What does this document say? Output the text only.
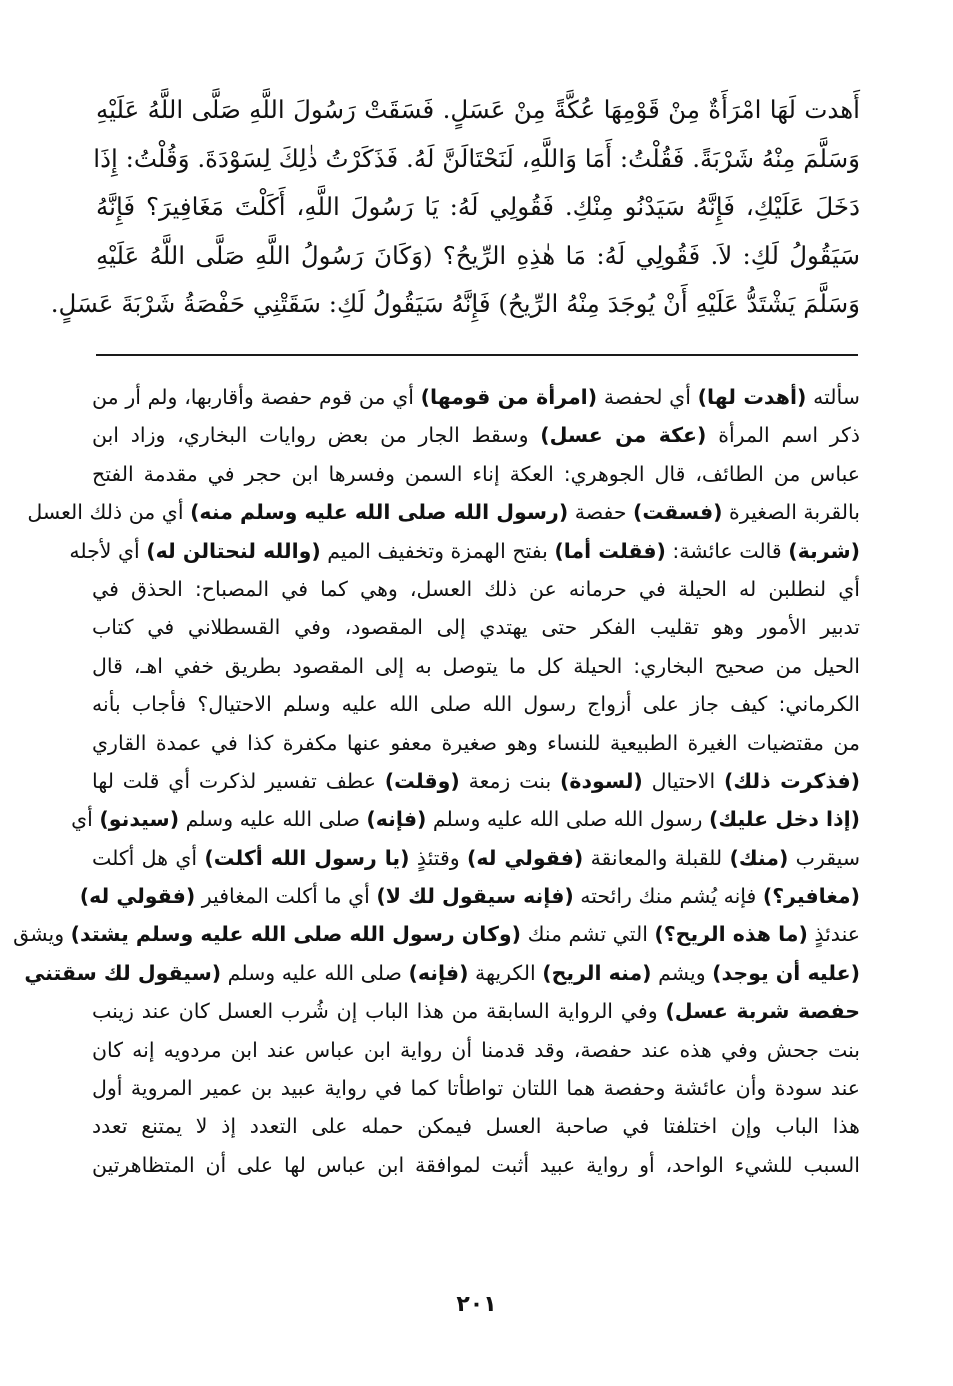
أَهدت لَهَا امْرَأَةٌ مِنْ قَوْمِهَا عُكَّةً مِنْ عَسَلٍ. فَسَقَتْ رَسُولَ اللَّهِ صَلَّى اللَّهُ عَلَيْهِ
وَسَلَّمَ مِنْهُ شَرْبَةً. فَقُلْتُ: أَمَا وَاللَّهِ، لَنَحْتَالَنَّ لَهُ. فَذَكَرْتُ ذٰلِكَ لِسَوْدَةَ. وَقُلْتُ: إِذَا
دَخَلَ عَلَيْكِ، فَإِنَّهُ سَيَدْنُو مِنْكِ. فَقُولِي لَهُ: يَا رَسُولَ اللَّهِ، أَكَلْتَ مَغَافِيرَ؟ فَإِنَّهُ
سَيَقُولُ لَكِ: لاَ. فَقُولِي لَهُ: مَا هٰذِهِ الرِّيحُ؟ (وَكَانَ رَسُولُ اللَّهِ صَلَّى اللَّهُ عَلَيْهِ
وَسَلَّمَ يَشْتَدُّ عَلَيْهِ أَنْ يُوجَدَ مِنْهُ الرِّيحُ) فَإِنَّهُ سَيَقُولُ لَكِ: سَقَتْنِي حَفْصَةُ شَرْبَةَ عَسَلٍ.
سألته (أهدت لها) أي لحفصة (امرأة من قومها) أي من قوم حفصة وأقاربها، ولم أر من
ذكر اسم المرأة (عكة من عسل) وسقط الجار من بعض روايات البخاري، وزاد ابن
عباس من الطائف، قال الجوهري: العكة إناء السمن وفسرها ابن حجر في مقدمة الفتح
بالقربة الصغيرة (فسقت) حفصة (رسول الله صلى الله عليه وسلم منه) أي من ذلك العسل
(شربة) قالت عائشة: (فقلت أما) بفتح الهمزة وتخفيف الميم (والله لنحتالن له) أي لأجله
أي لنطلبن له الحيلة في حرمانه عن ذلك العسل، وهي كما في المصباح: الحذق في
تدبير الأمور وهو تقليب الفكر حتى يهتدي إلى المقصود، وفي القسطلاني في كتاب
الحيل من صحيح البخاري: الحيلة كل ما يتوصل به إلى المقصود بطريق خفي اهـ، قال
الكرماني: كيف جاز على أزواج رسول الله صلى الله عليه وسلم الاحتيال؟ فأجاب بأنه
من مقتضيات الغيرة الطبيعية للنساء وهو صغيرة معفو عنها مكفرة كذا في عمدة القاري
(فذكرت ذلك) الاحتيال (لسودة) بنت زمعة (وقلت) عطف تفسير لذكرت أي قلت لها
(إذا دخل عليك) رسول الله صلى الله عليه وسلم (فإنه) صلى الله عليه وسلم (سيدنو) أي
سيقرب (منك) للقبلة والمعانقة (فقولي له) وقتئذٍ (يا رسول الله أكلت) أي هل أكلت
(مغافير؟) فإنه يُشم منك رائحته (فإنه سيقول لك لا) أي ما أكلت المغافير (فقولي له)
عندئذٍ (ما هذه الريح؟) التي تشم منك (وكان رسول الله صلى الله عليه وسلم يشتد) ويشق
(عليه أن يوجد) ويشم (منه الريح) الكريهة (فإنه) صلى الله عليه وسلم (سيقول لك سقتني
حفصة شربة عسل) وفي الرواية السابقة من هذا الباب إن شُرب العسل كان عند زينب
بنت جحش وفي هذه عند حفصة، وقد قدمنا أن رواية ابن عباس عند ابن مردويه إنه كان
عند سودة وأن عائشة وحفصة هما اللتان تواطأتا كما في رواية عبيد بن عمير المروية أول
هذا الباب وإن اختلفتا في صاحبة العسل فيمكن حمله على التعدد إذ لا يمتنع تعدد
السبب للشيء الواحد، أو رواية عبيد أثبت لموافقة ابن عباس لها على أن المتظاهرتين
٢٠١
